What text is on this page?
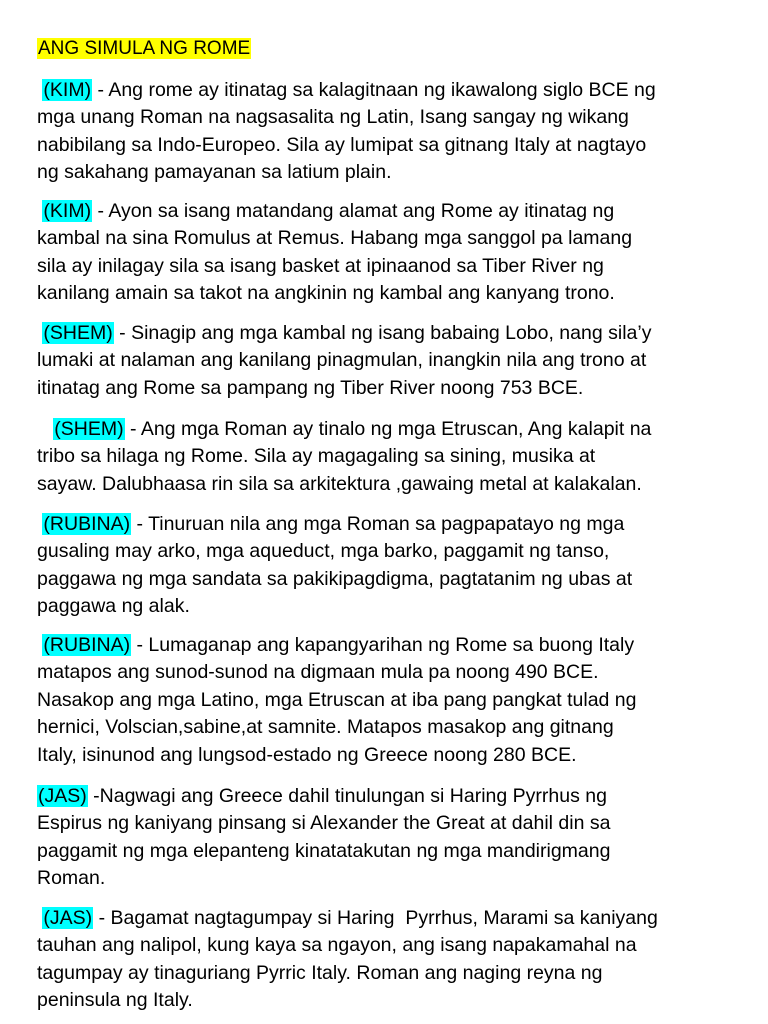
ANG SIMULA NG ROME

(KIM) - Ang rome ay itinatag sa kalagitnaan ng ikawalong siglo BCE ng
mga unang Roman na nagsasalita ng Latin, Isang sangay ng wikang
nabibilang sa Indo-Europeo. Sila ay lumipat sa gitnang Italy at nagtayo
ng sakahang pamayanan sa latium plain.

(KIM) - Ayon sa isang matandang alamat ang Rome ay itinatag ng
kambal na sina Romulus at Remus. Habang mga sanggol pa lamang
sila ay inilagay sila sa isang basket at ipinaanod sa Tiber River ng
kanilang amain sa takot na angkinin ng kambal ang kanyang trono.

(SHEM) - Sinagip ang mga kambal ng isang babaing Lobo, nang sila’y
lumaki at nalaman ang kanilang pinagmulan, inangkin nila ang trono at
itinatag ang Rome sa pampang ng Tiber River noong 753 BCE.

(SHEM) - Ang mga Roman ay tinalo ng mga Etruscan, Ang kalapit na
tribo sa hilaga ng Rome. Sila ay magagaling sa sining, musika at
sayaw. Dalubhaasa rin sila sa arkitektura ,gawaing metal at kalakalan.

(RUBINA) - Tinuruan nila ang mga Roman sa pagpapatayo ng mga
gusaling may arko, mga aqueduct, mga barko, paggamit ng tanso,
paggawa ng mga sandata sa pakikipagdigma, pagtatanim ng ubas at
paggawa ng alak.

(RUBINA) - Lumaganap ang kapangyarihan ng Rome sa buong Italy
matapos ang sunod-sunod na digmaan mula pa noong 490 BCE.
Nasakop ang mga Latino, mga Etruscan at iba pang pangkat tulad ng
hernici, Volscian,sabine,at samnite. Matapos masakop ang gitnang
Italy, isinunod ang lungsod-estado ng Greece noong 280 BCE.

(JAS) -Nagwagi ang Greece dahil tinulungan si Haring Pyrrhus ng
Espirus ng kaniyang pinsang si Alexander the Great at dahil din sa
paggamit ng mga elepanteng kinatatakutan ng mga mandirigmang
Roman.

(JAS) - Bagamat nagtagumpay si Haring  Pyrrhus, Marami sa kaniyang
tauhan ang nalipol, kung kaya sa ngayon, ang isang napakamahal na
tagumpay ay tinaguriang Pyrric Italy. Roman ang naging reyna ng
peninsula ng Italy.
